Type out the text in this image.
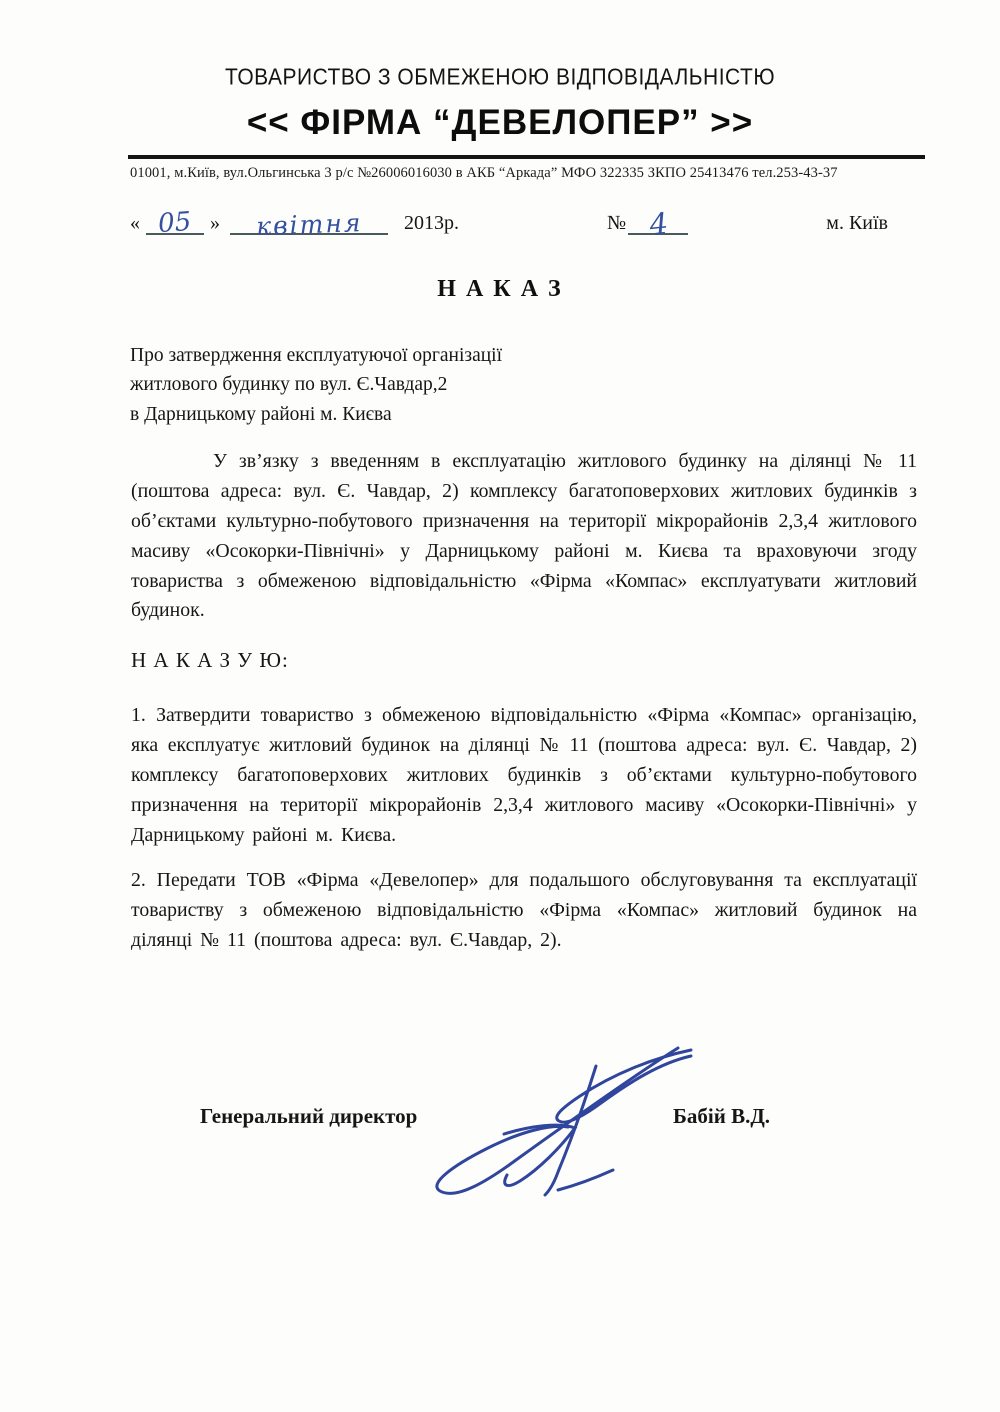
ТОВАРИСТВО З ОБМЕЖЕНОЮ ВІДПОВІДАЛЬНІСТЮ
<< ФІРМА “ДЕВЕЛОПЕР” >>
01001, м.Київ, вул.Ольгинська 3 р/с №26006016030 в АКБ “Аркада” МФО 322335 ЗКПО 25413476 тел.253-43-37
« 05 »	квітня	2013р.	№ 4	м. Київ
Н А К А З
Про затвердження експлуатуючої організації
житлового будинку по вул. Є.Чавдар,2
в Дарницькому районі м. Києва
У зв’язку з введенням в експлуатацію житлового будинку на ділянці № 11 (поштова адреса: вул. Є. Чавдар, 2) комплексу багатоповерхових житлових будинків з об’єктами культурно-побутового призначення на території мікрорайонів 2,3,4 житлового масиву «Осокорки-Північні» у Дарницькому районі м. Києва та враховуючи згоду товариства з обмеженою відповідальністю «Фірма «Компас» експлуатувати житловий будинок.
Н А К А З У Ю:
1. Затвердити товариство з обмеженою відповідальністю «Фірма «Компас» організацію, яка експлуатує житловий будинок на ділянці № 11 (поштова адреса: вул. Є. Чавдар, 2) комплексу багатоповерхових житлових будинків з об’єктами культурно-побутового призначення на території мікрорайонів 2,3,4 житлового масиву «Осокорки-Північні» у Дарницькому районі м. Києва.
2. Передати ТОВ «Фірма «Девелопер» для подальшого обслуговування та експлуатації товариству з обмеженою відповідальністю «Фірма «Компас» житловий будинок на ділянці № 11 (поштова адреса: вул. Є.Чавдар, 2).
Генеральний директор	Бабій В.Д.
